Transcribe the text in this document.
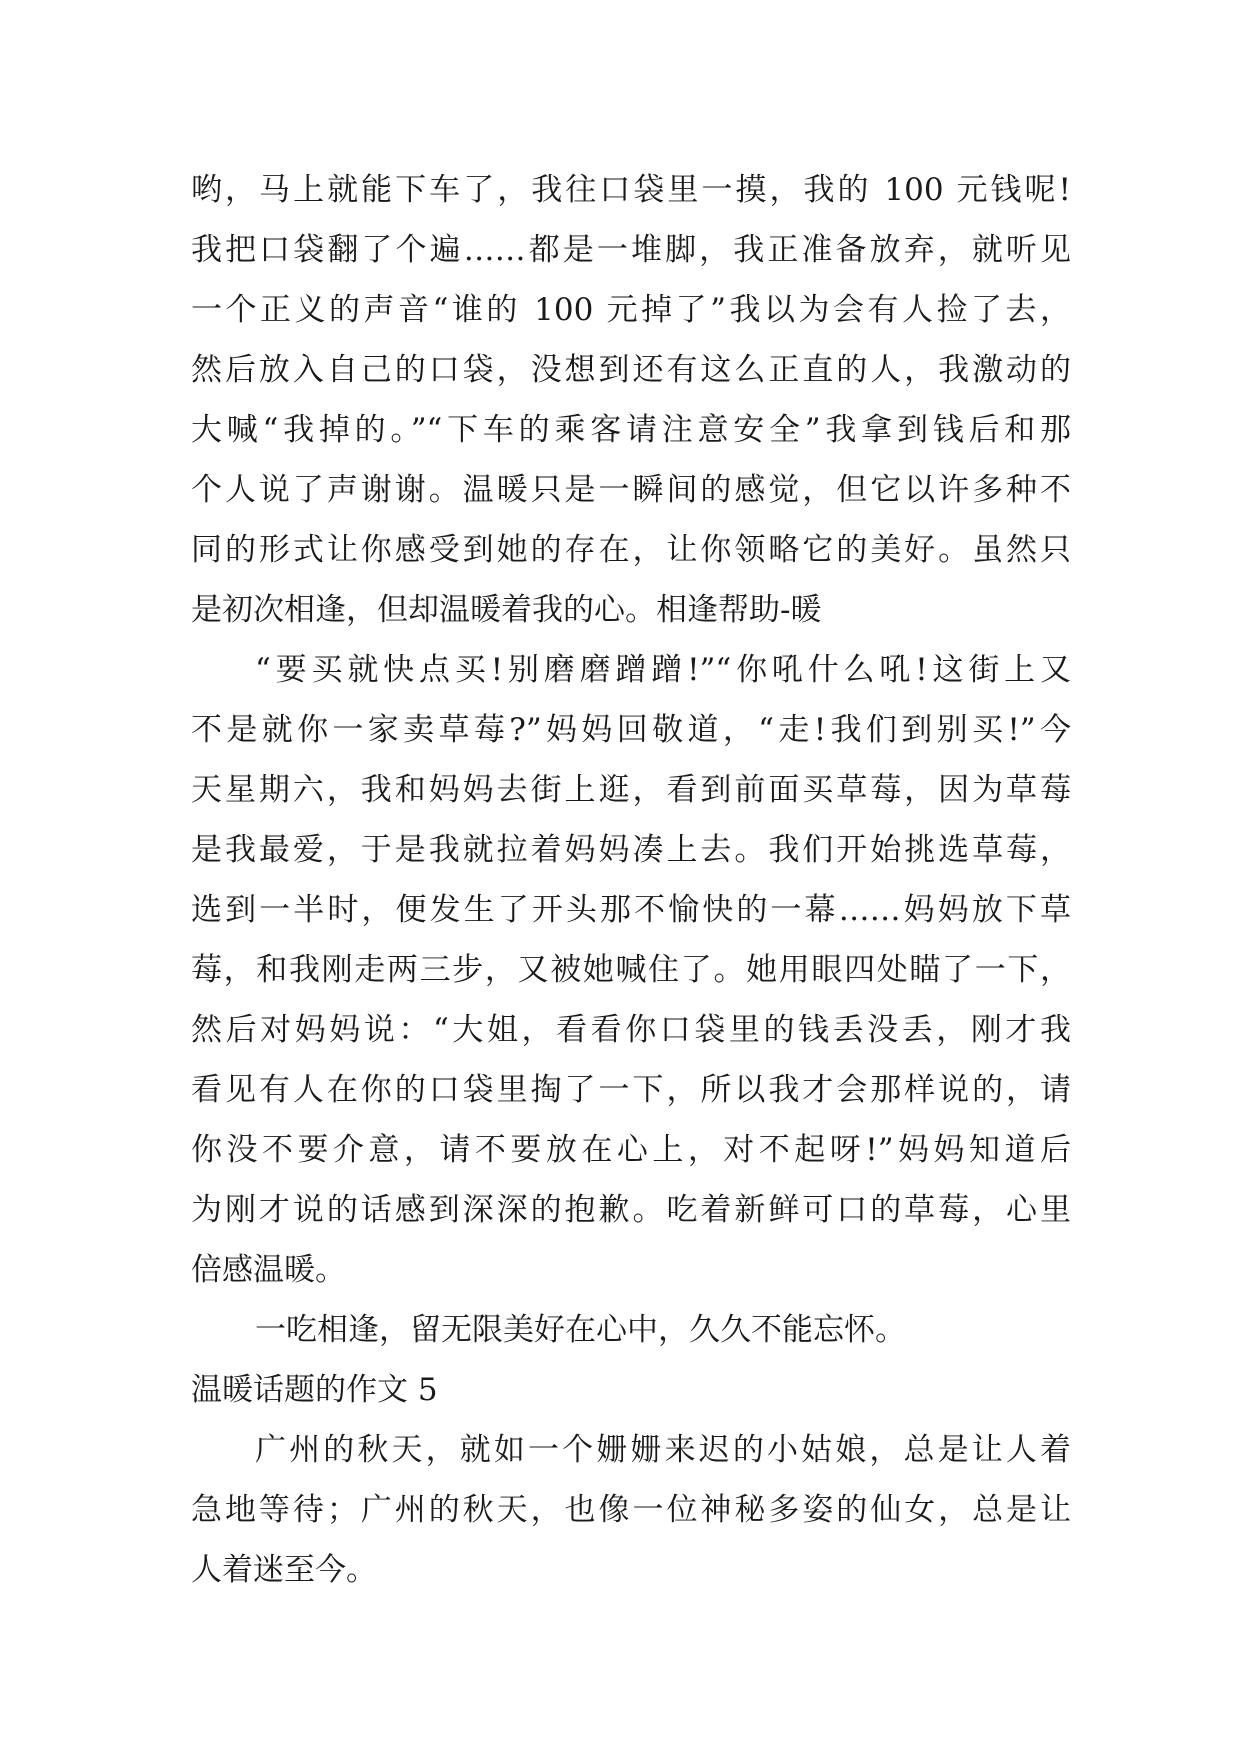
哟，马上就能下车了，我往口袋里一摸，我的 100 元钱呢!
我把口袋翻了个遍……都是一堆脚，我正准备放弃，就听见
一个正义的声音“谁的 100 元掉了”我以为会有人捡了去，
然后放入自己的口袋，没想到还有这么正直的人，我激动的
大喊“我掉的。”“下车的乘客请注意安全”我拿到钱后和那
个人说了声谢谢。温暖只是一瞬间的感觉，但它以许多种不
同的形式让你感受到她的存在，让你领略它的美好。虽然只
是初次相逢，但却温暖着我的心。相逢帮助-暖
“要买就快点买!别磨磨蹭蹭!”“你吼什么吼!这街上又
不是就你一家卖草莓?”妈妈回敬道，“走!我们到别买!”今
天星期六，我和妈妈去街上逛，看到前面买草莓，因为草莓
是我最爱，于是我就拉着妈妈凑上去。我们开始挑选草莓，
选到一半时，便发生了开头那不愉快的一幕……妈妈放下草
莓，和我刚走两三步，又被她喊住了。她用眼四处瞄了一下，
然后对妈妈说：“大姐，看看你口袋里的钱丢没丢，刚才我
看见有人在你的口袋里掏了一下，所以我才会那样说的，请
你没不要介意，请不要放在心上，对不起呀!”妈妈知道后
为刚才说的话感到深深的抱歉。吃着新鲜可口的草莓，心里
倍感温暖。
一吃相逢，留无限美好在心中，久久不能忘怀。
温暖话题的作文 5
广州的秋天，就如一个姗姗来迟的小姑娘，总是让人着
急地等待；广州的秋天，也像一位神秘多姿的仙女，总是让
人着迷至今。
